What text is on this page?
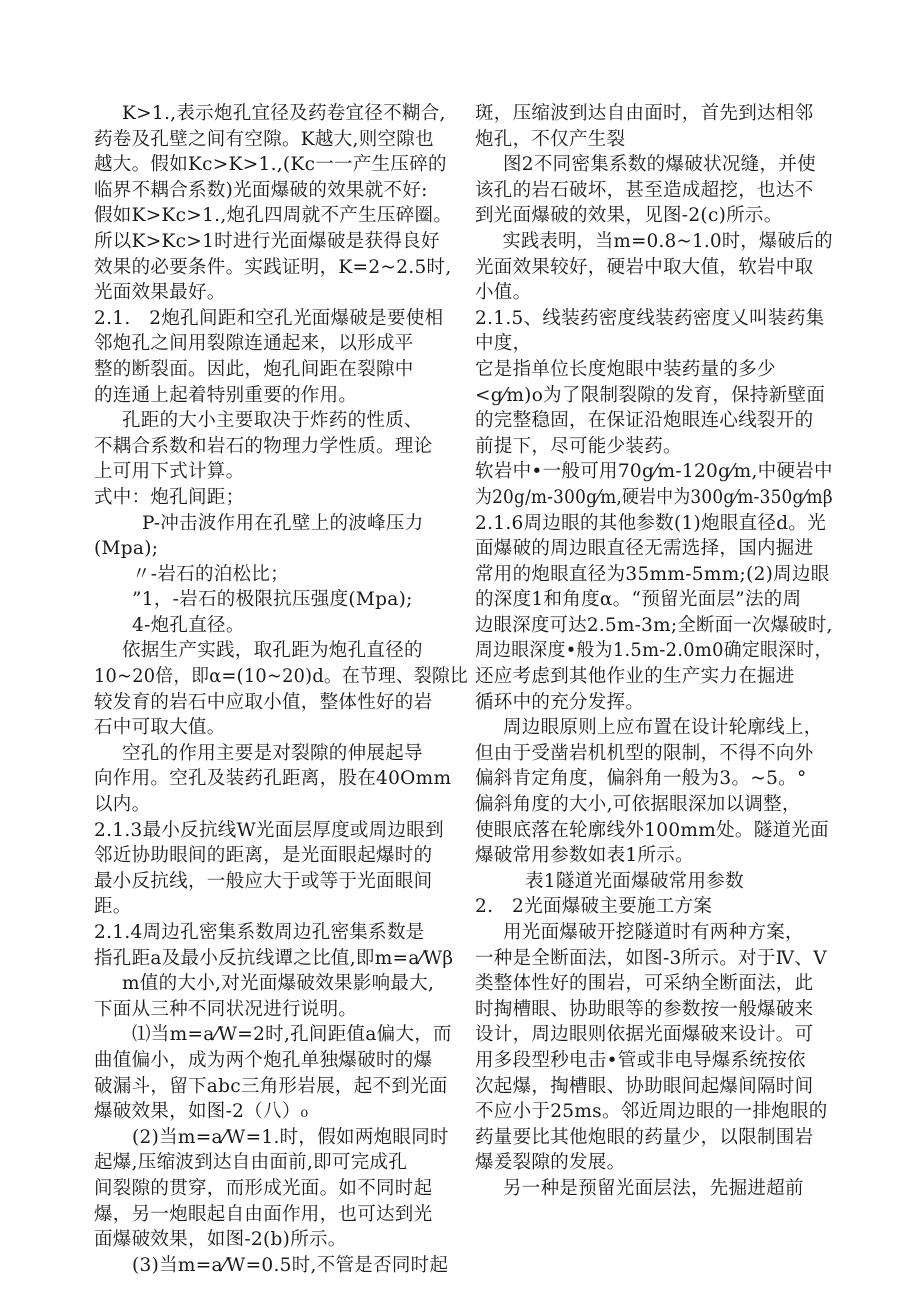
K>1.,表示炮孔宜径及药卷宜径不糊合,
药卷及孔壁之间有空隙。K越大,则空隙也
越大。假如Kc>K>1.,(Kc一一产生压碎的
临界不耦合系数)光面爆破的效果就不好:
假如K>Kc>1.,炮孔四周就不产生压碎圈。
所以K>Kc>1时进行光面爆破是获得良好
效果的必要条件。实践证明，K=2~2.5时,
光面效果最好。
2.1.　2炮孔间距和空孔光面爆破是要使相
邻炮孔之间用裂隙连通起来，以形成平
整的断裂面。因此，炮孔间距在裂隙中
的连通上起着特别重要的作用。
孔距的大小主要取决于炸药的性质、
不耦合系数和岩石的物理力学性质。理论
上可用下式计算。
式中：炮孔间距；
P-冲击波作用在孔壁上的波峰压力
(Mpa);
〃-岩石的泊松比；
”1，-岩石的极限抗压强度(Mpa);
4-炮孔直径。
依据生产实践，取孔距为炮孔直径的
10~20倍，即α=(10~20)d。在节理、裂隙比
较发育的岩石中应取小值，整体性好的岩
石中可取大值。
空孔的作用主要是对裂隙的伸展起导
向作用。空孔及装药孔距离，股在40Omm
以内。
2.1.3最小反抗线W光面层厚度或周边眼到
邻近协助眼间的距离，是光面眼起爆时的
最小反抗线，一般应大于或等于光面眼间
距。
2.1.4周边孔密集系数周边孔密集系数是
指孔距a及最小反抗线谭之比值,即m=a⁄Wβ
m值的大小,对光面爆破效果影响最大,
下面从三种不同状况进行说明。
⑴当m=a⁄W=2时,孔间距值a偏大，而
曲值偏小，成为两个炮孔单独爆破时的爆
破漏斗，留下abc三角形岩展，起不到光面
爆破效果，如图-2（八）₀
(2)当m=a⁄W=1.时，假如两炮眼同时
起爆,压缩波到达自由面前,即可完成孔
间裂隙的贯穿，而形成光面。如不同时起
爆，另一炮眼起自由面作用，也可达到光
面爆破效果，如图-2(b)所示。
(3)当m=a⁄W=0.5时,不管是否同时起
斑，压缩波到达自由面时，首先到达相邻
炮孔，不仅产生裂
图2不同密集系数的爆破状况缝，并使
该孔的岩石破坏，甚至造成超挖，也达不
到光面爆破的效果，见图-2(c)所示。
实践表明，当m=0.8~1.0时，爆破后的
光面效果较好，硬岩中取大值，软岩中取
小值。
2.1.5、线装药密度线装药密度乂叫装药集
中度，
它是指单位长度炮眼中装药量的多少
<g⁄m)o为了限制裂隙的发育，保持新壁面
的完整稳固，在保证沿炮眼连心线裂开的
前提下，尽可能少装药。
软岩中•一般可用70g⁄m-120g⁄m,中硬岩中
为20g/m-300g⁄m,硬岩中为300g⁄m-350g⁄mβ
2.1.6周边眼的其他参数(1)炮眼直径d。光
面爆破的周边眼直径无需选择，国内掘进
常用的炮眼直径为35mm-5mm;(2)周边眼
的深度1和角度α。“预留光面层”法的周
边眼深度可达2.5m-3m;全断面一次爆破时,
周边眼深度•般为1.5m-2.0m0确定眼深时，
还应考虑到其他作业的生产实力在掘进
循环中的充分发挥。
周边眼原则上应布置在设计轮廓线上，
但由于受凿岩机机型的限制，不得不向外
偏斜肯定角度，偏斜角一般为3。~5。°
偏斜角度的大小,可依据眼深加以调整，
使眼底落在轮廓线外100mm处。隧道光面
爆破常用参数如表1所示。
表1隧道光面爆破常用参数
2.　2光面爆破主要施工方案
用光面爆破开挖隧道时有两种方案，
一种是全断面法，如图-3所示。对于Ⅳ、V
类整体性好的围岩，可采纳全断面法，此
时掏槽眼、协助眼等的参数按一般爆破来
设计，周边眼则依据光面爆破来设计。可
用多段型秒电击•管或非电导爆系统按依
次起爆，掏槽眼、协助眼间起爆间隔时间
不应小于25ms。邻近周边眼的一排炮眼的
药量要比其他炮眼的药量少，以限制围岩
爆爰裂隙的发展。
另一种是预留光面层法，先掘进超前
